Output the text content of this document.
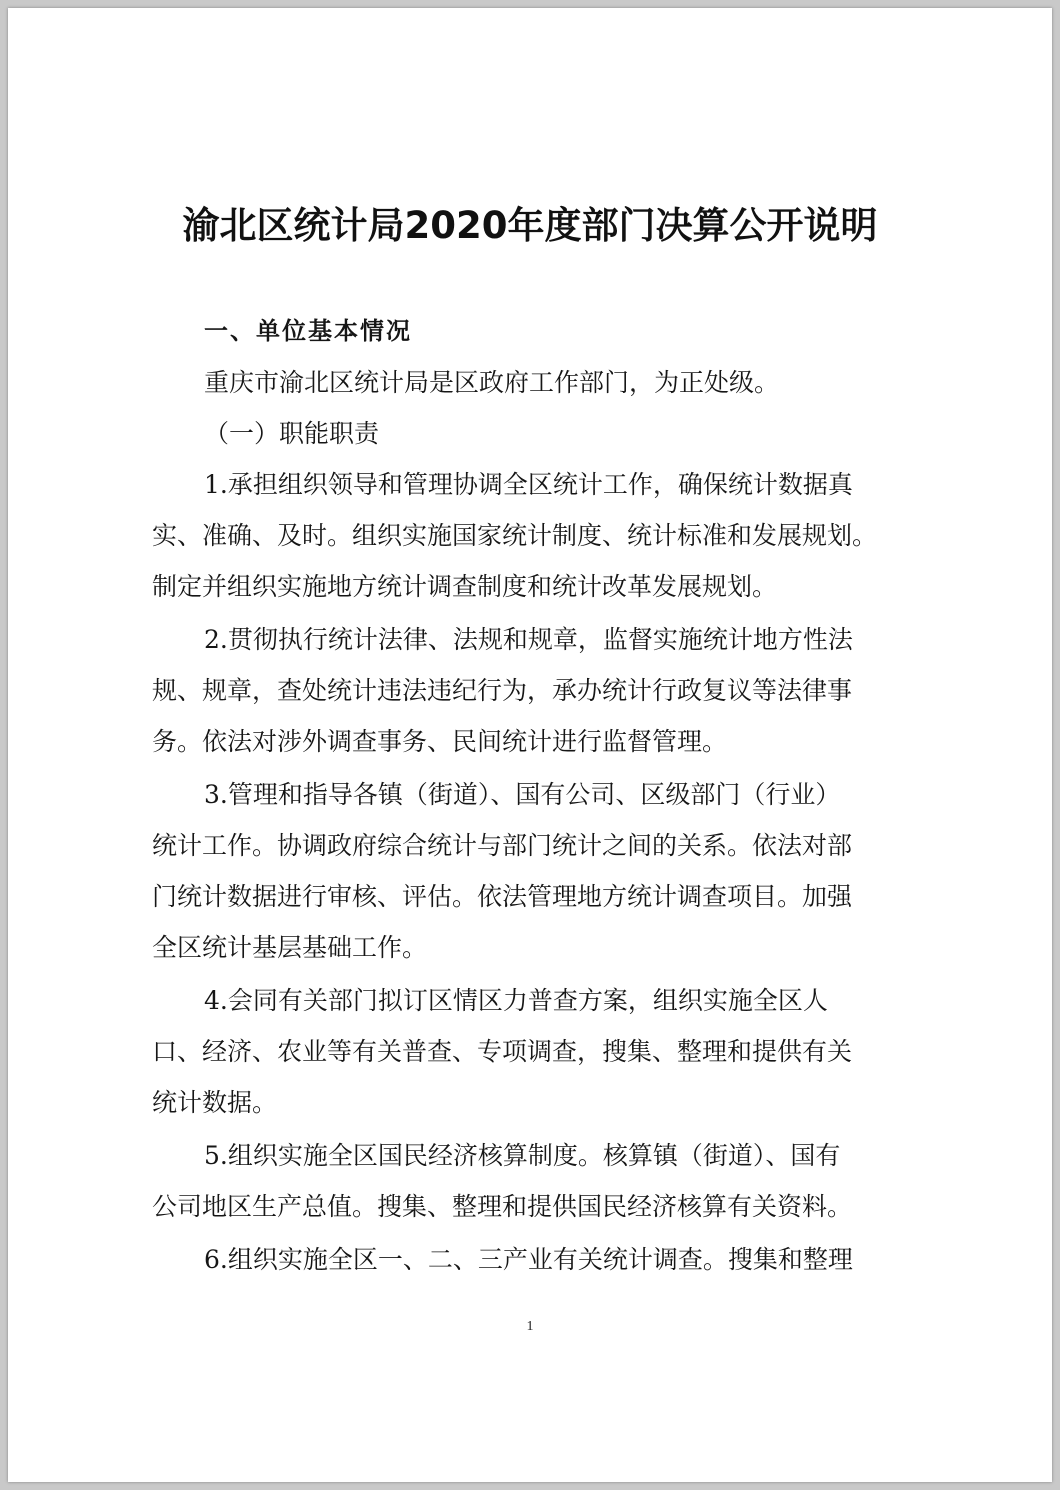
渝北区统计局2020年度部门决算公开说明
一、单位基本情况
重庆市渝北区统计局是区政府工作部门，为正处级。
（一）职能职责
1.承担组织领导和管理协调全区统计工作，确保统计数据真
实、准确、及时。组织实施国家统计制度、统计标准和发展规划。
制定并组织实施地方统计调查制度和统计改革发展规划。
2.贯彻执行统计法律、法规和规章，监督实施统计地方性法
规、规章，查处统计违法违纪行为，承办统计行政复议等法律事
务。依法对涉外调查事务、民间统计进行监督管理。
3.管理和指导各镇（街道）、国有公司、区级部门（行业）
统计工作。协调政府综合统计与部门统计之间的关系。依法对部
门统计数据进行审核、评估。依法管理地方统计调查项目。加强
全区统计基层基础工作。
4.会同有关部门拟订区情区力普查方案，组织实施全区人
口、经济、农业等有关普查、专项调查，搜集、整理和提供有关
统计数据。
5.组织实施全区国民经济核算制度。核算镇（街道）、国有
公司地区生产总值。搜集、整理和提供国民经济核算有关资料。
6.组织实施全区一、二、三产业有关统计调查。搜集和整理
1
